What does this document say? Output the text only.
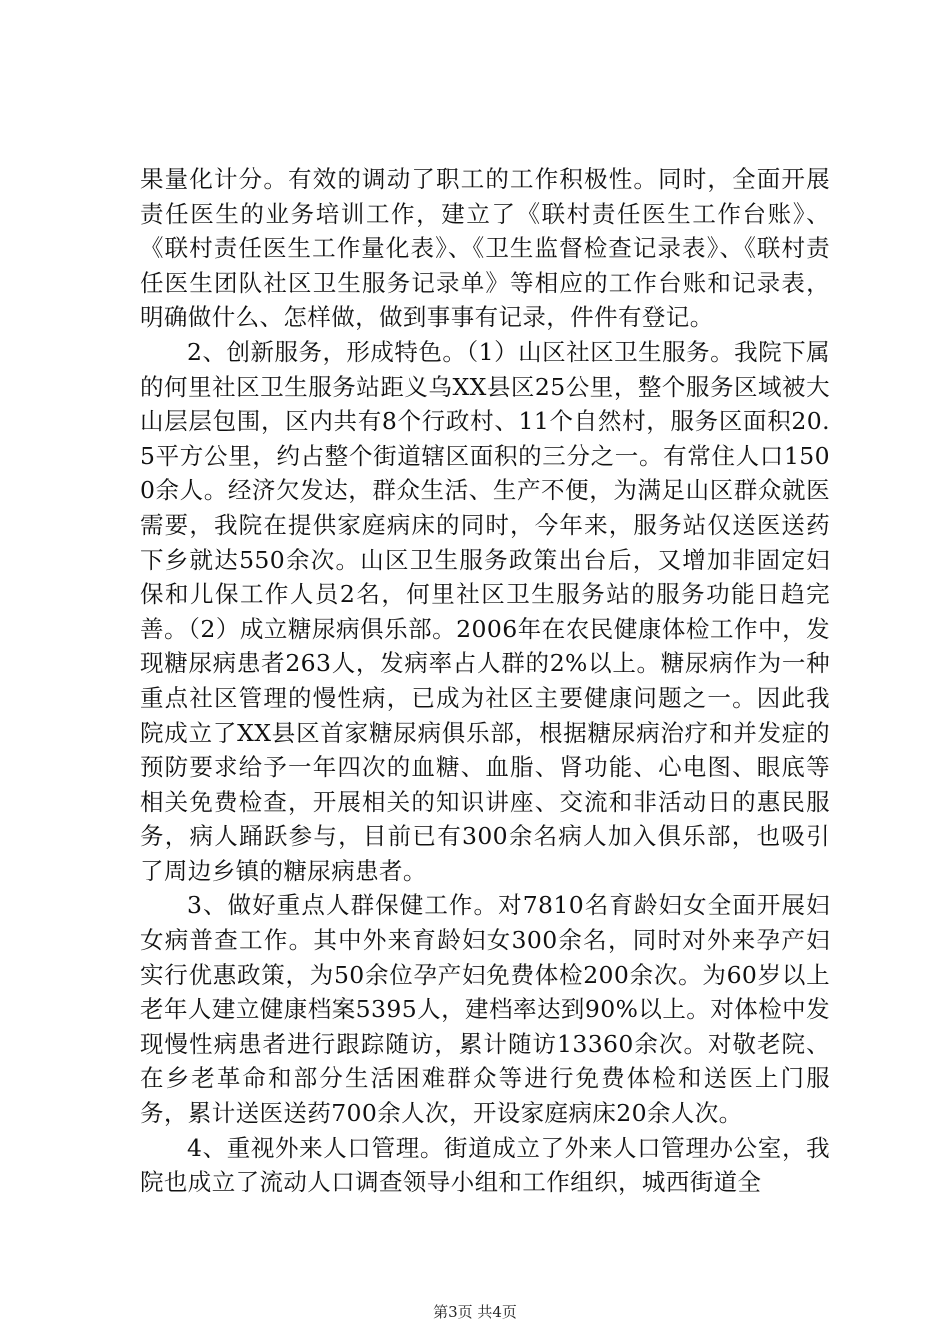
果量化计分。有效的调动了职工的工作积极性。同时，全面开展责任医生的业务培训工作，建立了《联村责任医生工作台账》、《联村责任医生工作量化表》、《卫生监督检查记录表》、《联村责任医生团队社区卫生服务记录单》等相应的工作台账和记录表，明确做什么、怎样做，做到事事有记录，件件有登记。

2、创新服务，形成特色。（1）山区社区卫生服务。我院下属的何里社区卫生服务站距义乌XX县区25公里，整个服务区域被大山层层包围，区内共有8个行政村、11个自然村，服务区面积20.5平方公里，约占整个街道辖区面积的三分之一。有常住人口1500余人。经济欠发达，群众生活、生产不便，为满足山区群众就医需要，我院在提供家庭病床的同时，今年来，服务站仅送医送药下乡就达550余次。山区卫生服务政策出台后，又增加非固定妇保和儿保工作人员2名，何里社区卫生服务站的服务功能日趋完善。（2）成立糖尿病俱乐部。2006年在农民健康体检工作中，发现糖尿病患者263人，发病率占人群的2%以上。糖尿病作为一种重点社区管理的慢性病，已成为社区主要健康问题之一。因此我院成立了XX县区首家糖尿病俱乐部，根据糖尿病治疗和并发症的预防要求给予一年四次的血糖、血脂、肾功能、心电图、眼底等相关免费检查，开展相关的知识讲座、交流和非活动日的惠民服务，病人踊跃参与，目前已有300余名病人加入俱乐部，也吸引了周边乡镇的糖尿病患者。

3、做好重点人群保健工作。对7810名育龄妇女全面开展妇女病普查工作。其中外来育龄妇女300余名，同时对外来孕产妇实行优惠政策，为50余位孕产妇免费体检200余次。为60岁以上老年人建立健康档案5395人，建档率达到90%以上。对体检中发现慢性病患者进行跟踪随访，累计随访13360余次。对敬老院、在乡老革命和部分生活困难群众等进行免费体检和送医上门服务，累计送医送药700余人次，开设家庭病床20余人次。

4、重视外来人口管理。街道成立了外来人口管理办公室，我院也成立了流动人口调查领导小组和工作组织，城西街道全

第3页 共4页
